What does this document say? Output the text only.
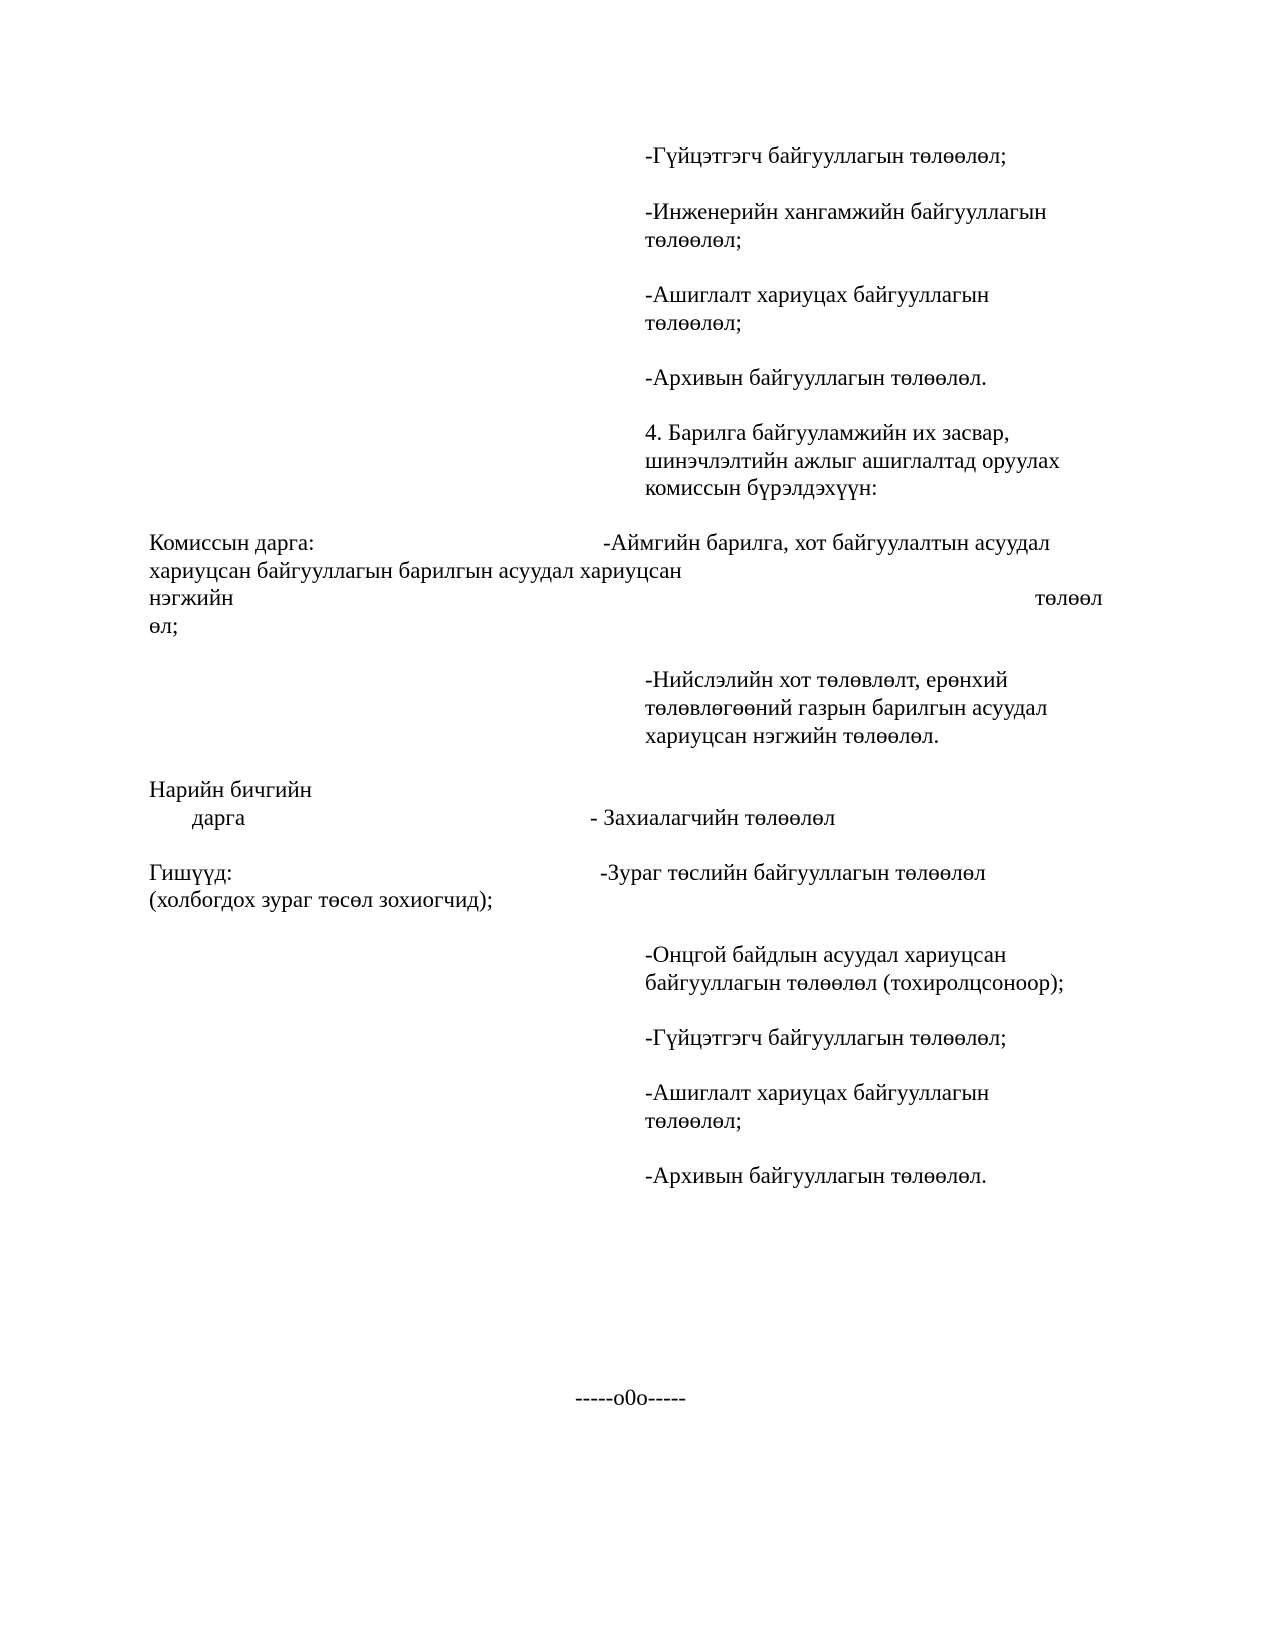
-Гүйцэтгэгч байгууллагын төлөөлөл;

-Инженерийн хангамжийн байгууллагын

төлөөлөл;

-Ашиглалт хариуцах байгууллагын

төлөөлөл;

-Архивын байгууллагын төлөөлөл.

4. Барилга байгууламжийн их засвар,

шинэчлэлтийн ажлыг ашиглалтад оруулах

комиссын бүрэлдэхүүн:

Комиссын дарга:	-Аймгийн барилга, хот байгуулалтын асуудал

хариуцсан байгууллагын барилгын асуудал хариуцсан

нэгжийн	төлөөл

өл;

-Нийслэлийн хот төлөвлөлт, ерөнхий

төлөвлөгөөний газрын барилгын асуудал

хариуцсан нэгжийн төлөөлөл.

Нарийн бичгийн

дарга	- Захиалагчийн төлөөлөл

Гишүүд:	-Зураг төслийн байгууллагын төлөөлөл

(холбогдох зураг төсөл зохиогчид);

-Онцгой байдлын асуудал хариуцсан

байгууллагын төлөөлөл (тохиролцсоноор);

-Гүйцэтгэгч байгууллагын төлөөлөл;

-Ашиглалт хариуцах байгууллагын

төлөөлөл;

-Архивын байгууллагын төлөөлөл.

-----o0o-----
